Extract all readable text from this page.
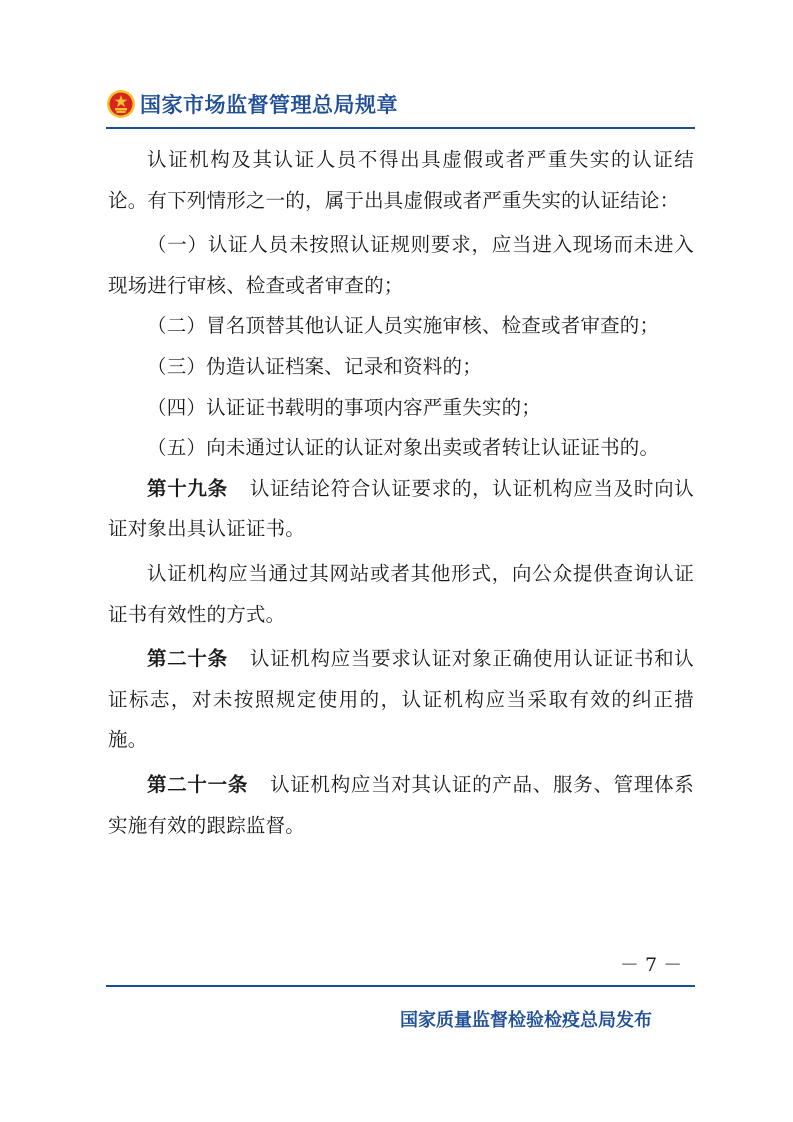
国家市场监督管理总局规章

认证机构及其认证人员不得出具虚假或者严重失实的认证结论。有下列情形之一的，属于出具虚假或者严重失实的认证结论：

（一）认证人员未按照认证规则要求，应当进入现场而未进入现场进行审核、检查或者审查的；

（二）冒名顶替其他认证人员实施审核、检查或者审查的；

（三）伪造认证档案、记录和资料的；

（四）认证证书载明的事项内容严重失实的；

（五）向未通过认证的认证对象出卖或者转让认证证书的。

第十九条 认证结论符合认证要求的，认证机构应当及时向认证对象出具认证证书。

认证机构应当通过其网站或者其他形式，向公众提供查询认证证书有效性的方式。

第二十条 认证机构应当要求认证对象正确使用认证证书和认证标志，对未按照规定使用的，认证机构应当采取有效的纠正措施。

第二十一条 认证机构应当对其认证的产品、服务、管理体系实施有效的跟踪监督。

－ 7 －
国家质量监督检验检疫总局发布
